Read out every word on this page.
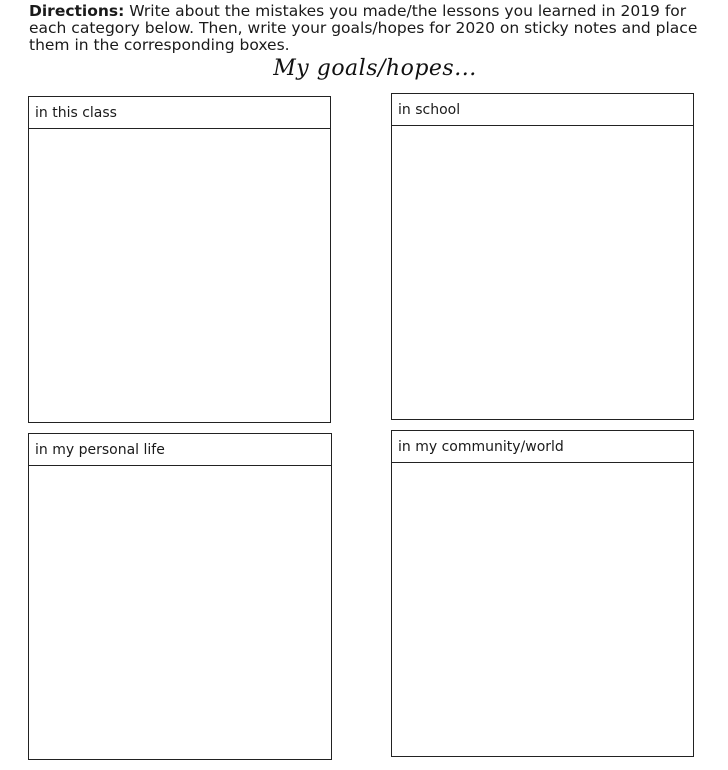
Directions: Write about the mistakes you made/the lessons you learned in 2019 for each category below. Then, write your goals/hopes for 2020 on sticky notes and place them in the corresponding boxes.
My goals/hopes...
in this class	in school
in my personal life	in my community/world
